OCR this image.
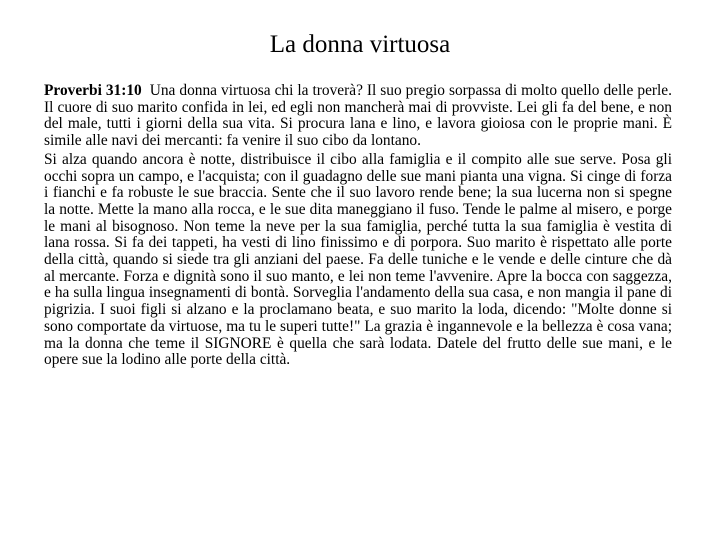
La donna virtuosa

Proverbi 31:10 Una donna virtuosa chi la troverà? Il suo pregio sorpassa di molto quello delle perle. Il cuore di suo marito confida in lei, ed egli non mancherà mai di provviste. Lei gli fa del bene, e non del male, tutti i giorni della sua vita. Si procura lana e lino, e lavora gioiosa con le proprie mani. È simile alle navi dei mercanti: fa venire il suo cibo da lontano.

Si alza quando ancora è notte, distribuisce il cibo alla famiglia e il compito alle sue serve. Posa gli occhi sopra un campo, e l'acquista; con il guadagno delle sue mani pianta una vigna. Si cinge di forza i fianchi e fa robuste le sue braccia. Sente che il suo lavoro rende bene; la sua lucerna non si spegne la notte. Mette la mano alla rocca, e le sue dita maneggiano il fuso. Tende le palme al misero, e porge le mani al bisognoso. Non teme la neve per la sua famiglia, perché tutta la sua famiglia è vestita di lana rossa. Si fa dei tappeti, ha vesti di lino finissimo e di porpora. Suo marito è rispettato alle porte della città, quando si siede tra gli anziani del paese. Fa delle tuniche e le vende e delle cinture che dà al mercante. Forza e dignità sono il suo manto, e lei non teme l'avvenire. Apre la bocca con saggezza, e ha sulla lingua insegnamenti di bontà. Sorveglia l'andamento della sua casa, e non mangia il pane di pigrizia. I suoi figli si alzano e la proclamano beata, e suo marito la loda, dicendo: "Molte donne si sono comportate da virtuose, ma tu le superi tutte!" La grazia è ingannevole e la bellezza è cosa vana; ma la donna che teme il SIGNORE è quella che sarà lodata. Datele del frutto delle sue mani, e le opere sue la lodino alle porte della città.
